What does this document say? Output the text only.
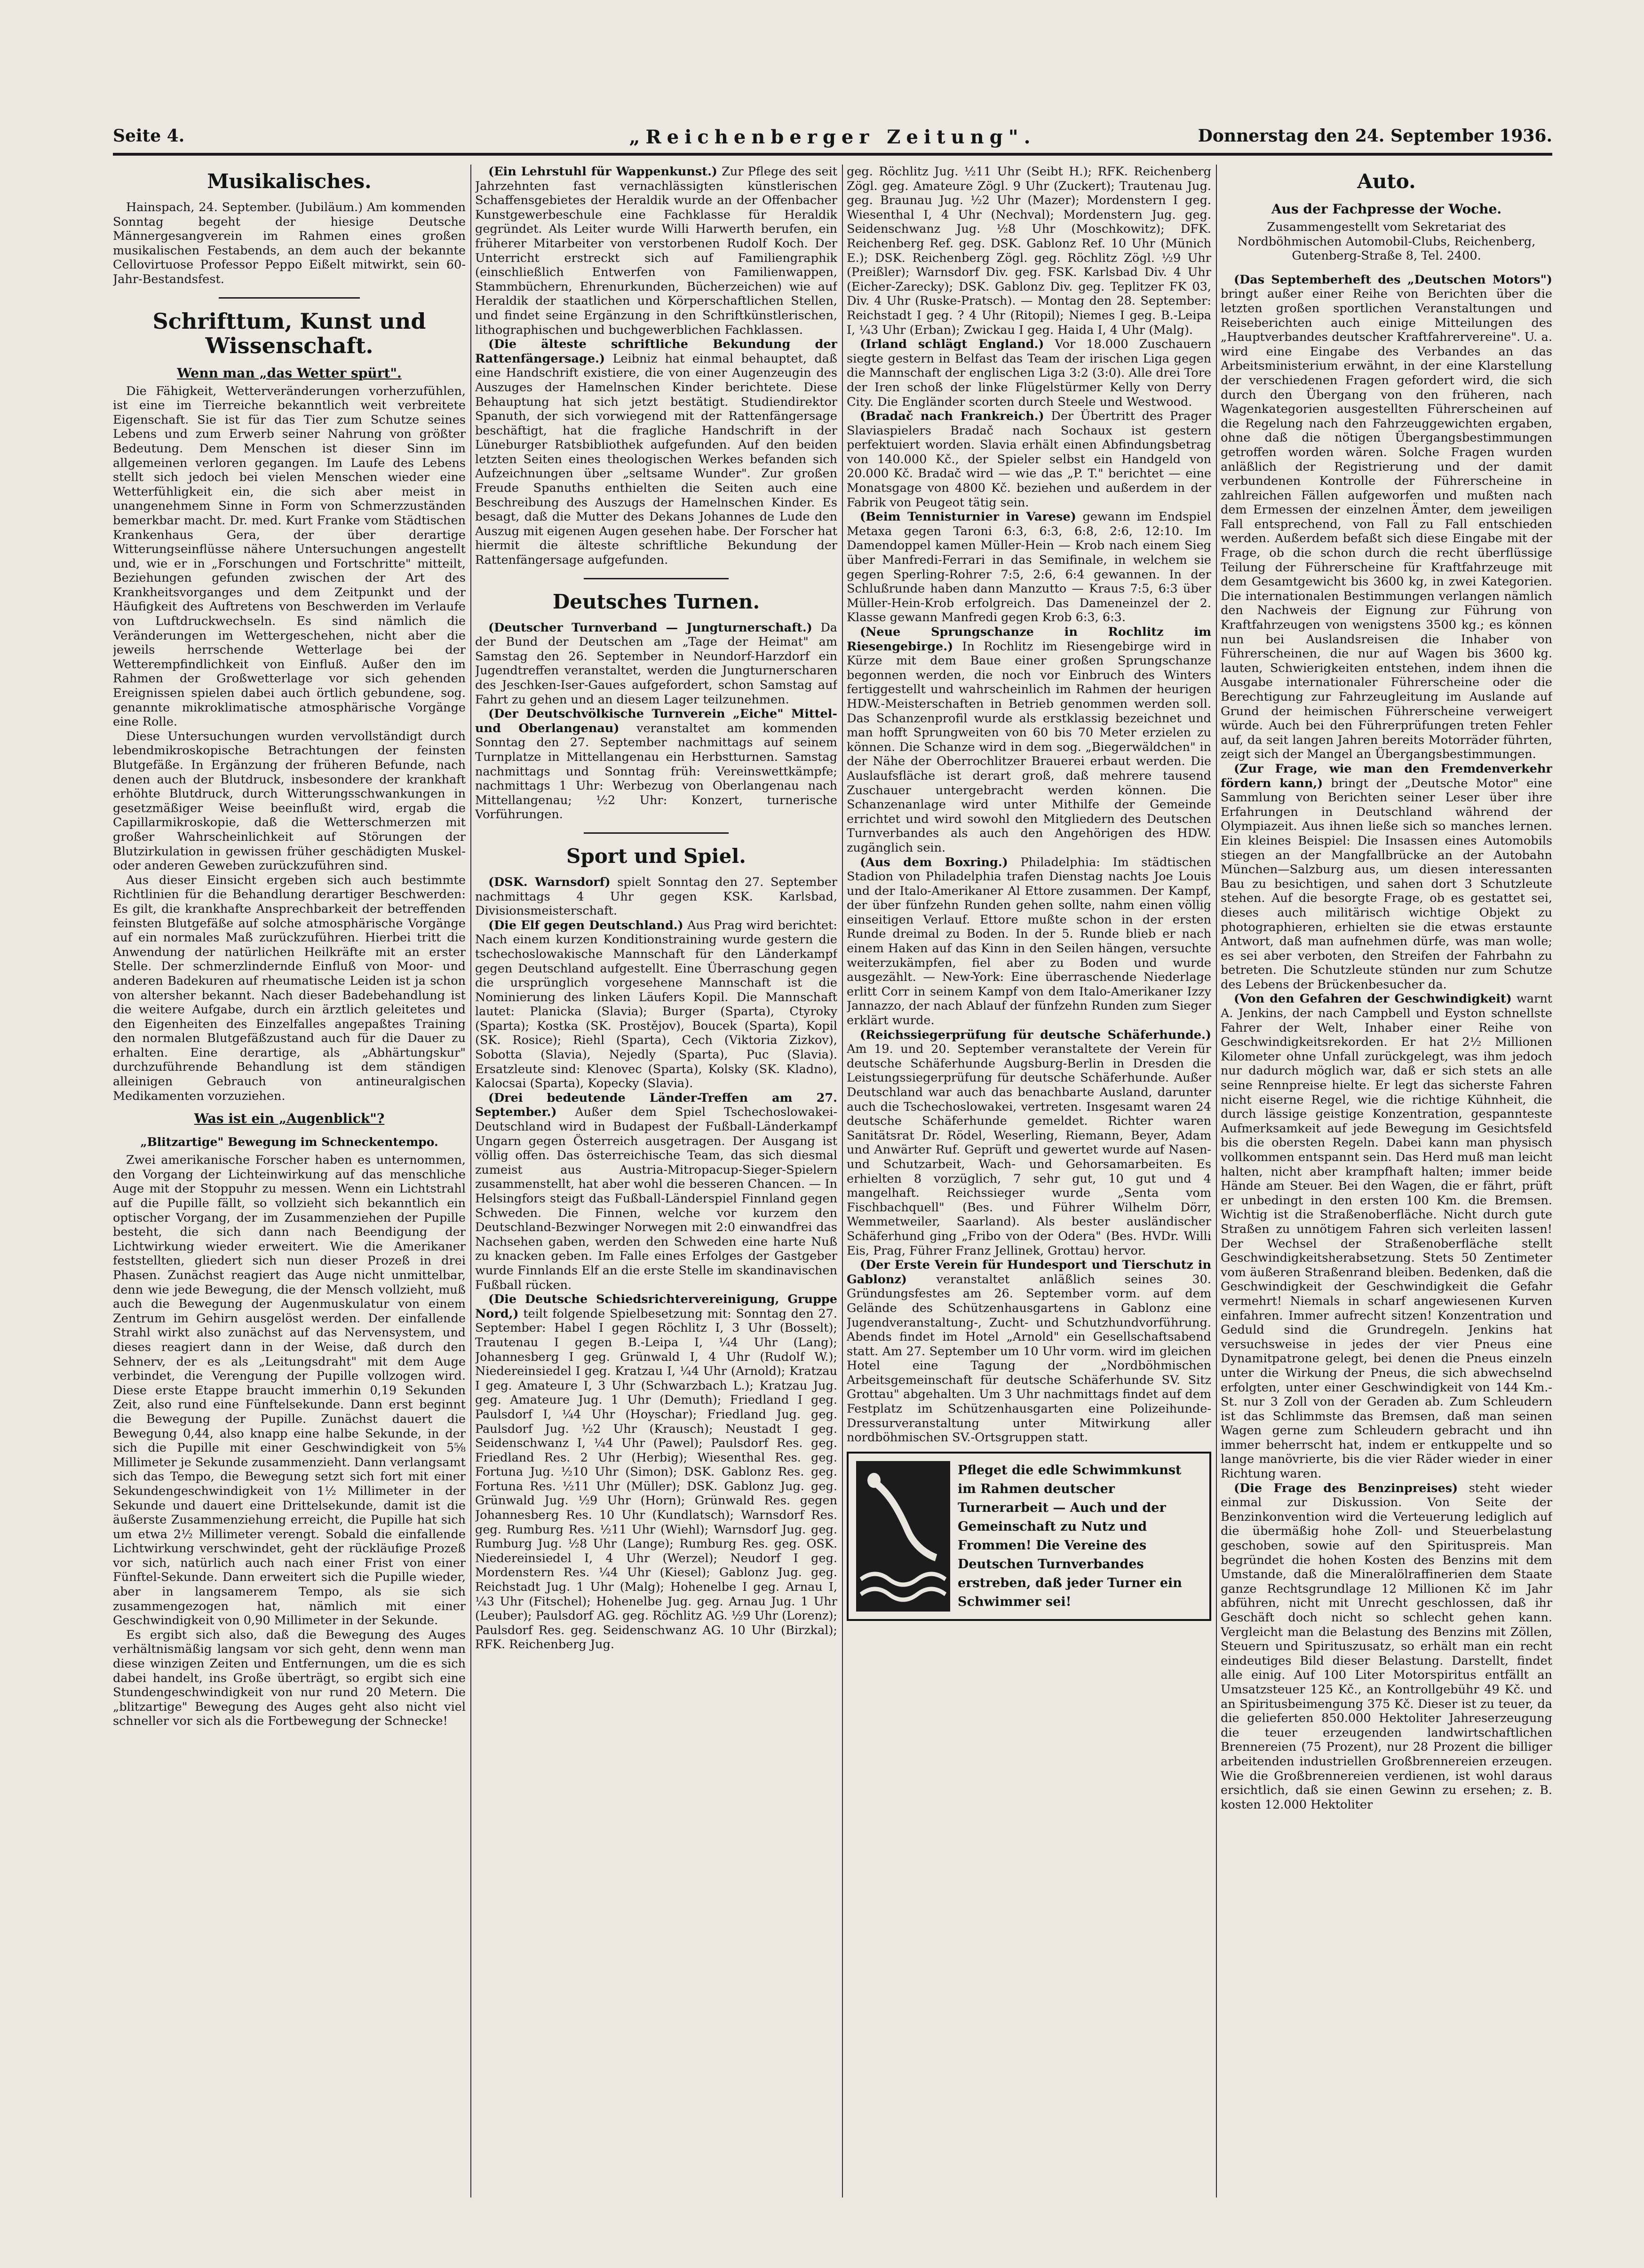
Seite 4.	„Reichenberger Zeitung".	Donnerstag den 24. September 1936.
Musikalisches.

Hainspach, 24. September. (Jubiläum.) Am kommenden Sonntag begeht der hiesige Deutsche Männergesangverein im Rahmen eines großen musikalischen Festabends, an dem auch der bekannte Cellovirtuose Professor Peppo Eißelt mitwirkt, sein 60-Jahr-Bestandsfest.

Schrifttum, Kunst und Wissenschaft.
Wenn man „das Wetter spürt".

Die Fähigkeit, Wetterveränderungen vorherzufühlen, ist eine im Tierreiche bekanntlich weit verbreitete Eigenschaft. Sie ist für das Tier zum Schutze seines Lebens und zum Erwerb seiner Nahrung von größter Bedeutung. Dem Menschen ist dieser Sinn im allgemeinen verloren gegangen. Im Laufe des Lebens stellt sich jedoch bei vielen Menschen wieder eine Wetterfühligkeit ein, die sich aber meist in unangenehmem Sinne in Form von Schmerzzuständen bemerkbar macht. Dr. med. Kurt Franke vom Städtischen Krankenhaus Gera, der über derartige Witterungseinflüsse nähere Untersuchungen angestellt und, wie er in „Forschungen und Fortschritte" mitteilt, Beziehungen gefunden zwischen der Art des Krankheitsvorganges und dem Zeitpunkt und der Häufigkeit des Auftretens von Beschwerden im Verlaufe von Luftdruckwechseln. Es sind nämlich die Veränderungen im Wettergeschehen, nicht aber die jeweils herrschende Wetterlage bei der Wetterempfindlichkeit von Einfluß. Außer den im Rahmen der Großwetterlage vor sich gehenden Ereignissen spielen dabei auch örtlich gebundene, sog. genannte mikroklimatische atmosphärische Vorgänge eine Rolle.

Diese Untersuchungen wurden vervollständigt durch lebendmikroskopische Betrachtungen der feinsten Blutgefäße. In Ergänzung der früheren Befunde, nach denen auch der Blutdruck, insbesondere der krankhaft erhöhte Blutdruck, durch Witterungsschwankungen in gesetzmäßiger Weise beeinflußt wird, ergab die Capillarmikroskopie, daß die Wetterschmerzen mit großer Wahrscheinlichkeit auf Störungen der Blutzirkulation in gewissen früher geschädigten Muskel- oder anderen Geweben zurückzuführen sind.

Aus dieser Einsicht ergeben sich auch bestimmte Richtlinien für die Behandlung derartiger Beschwerden: Es gilt, die krankhafte Ansprechbarkeit der betreffenden feinsten Blutgefäße auf solche atmosphärische Vorgänge auf ein normales Maß zurückzuführen. Hierbei tritt die Anwendung der natürlichen Heilkräfte mit an erster Stelle. Der schmerzlindernde Einfluß von Moor- und anderen Badekuren auf rheumatische Leiden ist ja schon von altersher bekannt. Nach dieser Badebehandlung ist die weitere Aufgabe, durch ein ärztlich geleitetes und den Eigenheiten des Einzelfalles angepaßtes Training den normalen Blutgefäßzustand auch für die Dauer zu erhalten. Eine derartige, als „Abhärtungskur" durchzuführende Behandlung ist dem ständigen alleinigen Gebrauch von antineuralgischen Medikamenten vorzuziehen.

Was ist ein „Augenblick"?
„Blitzartige" Bewegung im Schneckentempo.

Zwei amerikanische Forscher haben es unternommen, den Vorgang der Lichteinwirkung auf das menschliche Auge mit der Stoppuhr zu messen. Wenn ein Lichtstrahl auf die Pupille fällt, so vollzieht sich bekanntlich ein optischer Vorgang, der im Zusammenziehen der Pupille besteht, die sich dann nach Beendigung der Lichtwirkung wieder erweitert. Wie die Amerikaner feststellten, gliedert sich nun dieser Prozeß in drei Phasen. Zunächst reagiert das Auge nicht unmittelbar, denn wie jede Bewegung, die der Mensch vollzieht, muß auch die Bewegung der Augenmuskulatur von einem Zentrum im Gehirn ausgelöst werden. Der einfallende Strahl wirkt also zunächst auf das Nervensystem, und dieses reagiert dann in der Weise, daß durch den Sehnerv, der es als „Leitungsdraht" mit dem Auge verbindet, die Verengung der Pupille vollzogen wird. Diese erste Etappe braucht immerhin 0,19 Sekunden Zeit, also rund eine Fünftelsekunde. Dann erst beginnt die Bewegung der Pupille. Zunächst dauert die Bewegung 0,44, also knapp eine halbe Sekunde, in der sich die Pupille mit einer Geschwindigkeit von 5⅝ Millimeter je Sekunde zusammenzieht. Dann verlangsamt sich das Tempo, die Bewegung setzt sich fort mit einer Sekundengeschwindigkeit von 1½ Millimeter in der Sekunde und dauert eine Drittelsekunde, damit ist die äußerste Zusammenziehung erreicht, die Pupille hat sich um etwa 2½ Millimeter verengt. Sobald die einfallende Lichtwirkung verschwindet, geht der rückläufige Prozeß vor sich, natürlich auch nach einer Frist von einer Fünftel-Sekunde. Dann erweitert sich die Pupille wieder, aber in langsamerem Tempo, als sie sich zusammengezogen hat, nämlich mit einer Geschwindigkeit von 0,90 Millimeter in der Sekunde.

Es ergibt sich also, daß die Bewegung des Auges verhältnismäßig langsam vor sich geht, denn wenn man diese winzigen Zeiten und Entfernungen, um die es sich dabei handelt, ins Große überträgt, so ergibt sich eine Stundengeschwindigkeit von nur rund 20 Metern. Die „blitzartige" Bewegung des Auges geht also nicht viel schneller vor sich als die Fortbewegung der Schnecke!

(Ein Lehrstuhl für Wappenkunst.) Zur Pflege des seit Jahrzehnten fast vernachlässigten künstlerischen Schaffensgebietes der Heraldik wurde an der Offenbacher Kunstgewerbeschule eine Fachklasse für Heraldik gegründet. Als Leiter wurde Willi Harwerth berufen, ein früherer Mitarbeiter von verstorbenen Rudolf Koch. Der Unterricht erstreckt sich auf Familiengraphik (einschließlich Entwerfen von Familienwappen, Stammbüchern, Ehrenurkunden, Bücherzeichen) wie auf Heraldik der staatlichen und Körperschaftlichen Stellen, und findet seine Ergänzung in den Schriftkünstlerischen, lithographischen und buchgewerblichen Fachklassen.

(Die älteste schriftliche Bekundung der Rattenfängersage.) Leibniz hat einmal behauptet, daß eine Handschrift existiere, die von einer Augenzeugin des Auszuges der Hamelnschen Kinder berichtete. Diese Behauptung hat sich jetzt bestätigt. Studiendirektor Spanuth, der sich vorwiegend mit der Rattenfängersage beschäftigt, hat die fragliche Handschrift in der Lüneburger Ratsbibliothek aufgefunden. Auf den beiden letzten Seiten eines theologischen Werkes befanden sich Aufzeichnungen über „seltsame Wunder". Zur großen Freude Spanuths enthielten die Seiten auch eine Beschreibung des Auszugs der Hamelnschen Kinder. Es besagt, daß die Mutter des Dekans Johannes de Lude den Auszug mit eigenen Augen gesehen habe. Der Forscher hat hiermit die älteste schriftliche Bekundung der Rattenfängersage aufgefunden.

Deutsches Turnen.

(Deutscher Turnverband — Jungturnerschaft.) Da der Bund der Deutschen am „Tage der Heimat" am Samstag den 26. September in Neundorf-Harzdorf ein Jugendtreffen veranstaltet, werden die Jungturnerscharen des Jeschken-Iser-Gaues aufgefordert, schon Samstag auf Fahrt zu gehen und an diesem Lager teilzunehmen.

(Der Deutschvölkische Turnverein „Eiche" Mittel- und Oberlangenau) veranstaltet am kommenden Sonntag den 27. September nachmittags auf seinem Turnplatze in Mittellangenau ein Herbstturnen. Samstag nachmittags und Sonntag früh: Vereinswettkämpfe; nachmittags 1 Uhr: Werbezug von Oberlangenau nach Mittellangenau; ½2 Uhr: Konzert, turnerische Vorführungen.

Sport und Spiel.

(DSK. Warnsdorf) spielt Sonntag den 27. September nachmittags 4 Uhr gegen KSK. Karlsbad, Divisionsmeisterschaft.

(Die Elf gegen Deutschland.) Aus Prag wird berichtet: Nach einem kurzen Konditionstraining wurde gestern die tschechoslowakische Mannschaft für den Länderkampf gegen Deutschland aufgestellt. Eine Überraschung gegen die ursprünglich vorgesehene Mannschaft ist die Nominierung des linken Läufers Kopil. Die Mannschaft lautet: Planicka (Slavia); Burger (Sparta), Ctyroky (Sparta); Kostka (SK. Prostějov), Boucek (Sparta), Kopil (SK. Rosice); Riehl (Sparta), Cech (Viktoria Zizkov), Sobotta (Slavia), Nejedly (Sparta), Puc (Slavia). Ersatzleute sind: Klenovec (Sparta), Kolsky (SK. Kladno), Kalocsai (Sparta), Kopecky (Slavia).

(Drei bedeutende Länder-Treffen am 27. September.) Außer dem Spiel Tschechoslowakei-Deutschland wird in Budapest der Fußball-Länderkampf Ungarn gegen Österreich ausgetragen. Der Ausgang ist völlig offen. Das österreichische Team, das sich diesmal zumeist aus Austria-Mitropacup-Sieger-Spielern zusammenstellt, hat aber wohl die besseren Chancen. — In Helsingfors steigt das Fußball-Länderspiel Finnland gegen Schweden. Die Finnen, welche vor kurzem den Deutschland-Bezwinger Norwegen mit 2:0 einwandfrei das Nachsehen gaben, werden den Schweden eine harte Nuß zu knacken geben. Im Falle eines Erfolges der Gastgeber wurde Finnlands Elf an die erste Stelle im skandinavischen Fußball rücken.

(Die Deutsche Schiedsrichtervereinigung, Gruppe Nord,) teilt folgende Spielbesetzung mit: Sonntag den 27. September: Habel I gegen Röchlitz I, 3 Uhr (Bosselt); Trautenau I gegen B.-Leipa I, ¼4 Uhr (Lang); Johannesberg I geg. Grünwald I, 4 Uhr (Rudolf W.); Niedereinsiedel I geg. Kratzau I, ¼4 Uhr (Arnold); Kratzau I geg. Amateure I, 3 Uhr (Schwarzbach L.); Kratzau Jug. geg. Amateure Jug. 1 Uhr (Demuth); Friedland I geg. Paulsdorf I, ¼4 Uhr (Hoyschar); Friedland Jug. geg. Paulsdorf Jug. ½2 Uhr (Krausch); Neustadt I geg. Seidenschwanz I, ¼4 Uhr (Pawel); Paulsdorf Res. geg. Friedland Res. 2 Uhr (Herbig); Wiesenthal Res. geg. Fortuna Jug. ½10 Uhr (Simon); DSK. Gablonz Res. geg. Fortuna Res. ½11 Uhr (Müller); DSK. Gablonz Jug. geg. Grünwald Jug. ½9 Uhr (Horn); Grünwald Res. gegen Johannesberg Res. 10 Uhr (Kundlatsch); Warnsdorf Res. geg. Rumburg Res. ½11 Uhr (Wiehl); Warnsdorf Jug. geg. Rumburg Jug. ½8 Uhr (Lange); Rumburg Res. geg. OSK. Niedereinsiedel I, 4 Uhr (Werzel); Neudorf I geg. Mordenstern Res. ¼4 Uhr (Kiesel); Gablonz Jug. geg. Reichstadt Jug. 1 Uhr (Malg); Hohenelbe I geg. Arnau I, ¼3 Uhr (Fitschel); Hohenelbe Jug. geg. Arnau Jug. 1 Uhr (Leuber); Paulsdorf AG. geg. Röchlitz AG. ½9 Uhr (Lorenz); Paulsdorf Res. geg. Seidenschwanz AG. 10 Uhr (Birzkal); RFK. Reichenberg Jug.

geg. Röchlitz Jug. ½11 Uhr (Seibt H.); RFK. Reichenberg Zögl. geg. Amateure Zögl. 9 Uhr (Zuckert); Trautenau Jug. geg. Braunau Jug. ½2 Uhr (Mazer); Mordenstern I geg. Wiesenthal I, 4 Uhr (Nechval); Mordenstern Jug. geg. Seidenschwanz Jug. ½8 Uhr (Moschkowitz); DFK. Reichenberg Ref. geg. DSK. Gablonz Ref. 10 Uhr (Münich E.); DSK. Reichenberg Zögl. geg. Röchlitz Zögl. ½9 Uhr (Preißler); Warnsdorf Div. geg. FSK. Karlsbad Div. 4 Uhr (Eicher-Zarecky); DSK. Gablonz Div. geg. Teplitzer FK 03, Div. 4 Uhr (Ruske-Pratsch). — Montag den 28. September: Reichstadt I geg. ? 4 Uhr (Ritopil); Niemes I geg. B.-Leipa I, ¼3 Uhr (Erban); Zwickau I geg. Haida I, 4 Uhr (Malg).

(Irland schlägt England.) Vor 18.000 Zuschauern siegte gestern in Belfast das Team der irischen Liga gegen die Mannschaft der englischen Liga 3:2 (3:0). Alle drei Tore der Iren schoß der linke Flügelstürmer Kelly von Derry City. Die Engländer scorten durch Steele und Westwood.

(Bradač nach Frankreich.) Der Übertritt des Prager Slaviaspielers Bradač nach Sochaux ist gestern perfektuiert worden. Slavia erhält einen Abfindungsbetrag von 140.000 Kč., der Spieler selbst ein Handgeld von 20.000 Kč. Bradač wird — wie das „P. T." berichtet — eine Monatsgage von 4800 Kč. beziehen und außerdem in der Fabrik von Peugeot tätig sein.

(Beim Tennisturnier in Varese) gewann im Endspiel Metaxa gegen Taroni 6:3, 6:3, 6:8, 2:6, 12:10. Im Damendoppel kamen Müller-Hein — Krob nach einem Sieg über Manfredi-Ferrari in das Semifinale, in welchem sie gegen Sperling-Rohrer 7:5, 2:6, 6:4 gewannen. In der Schlußrunde haben dann Manzutto — Kraus 7:5, 6:3 über Müller-Hein-Krob erfolgreich. Das Dameneinzel der 2. Klasse gewann Manfredi gegen Krob 6:3, 6:3.

(Neue Sprungschanze in Rochlitz im Riesengebirge.) In Rochlitz im Riesengebirge wird in Kürze mit dem Baue einer großen Sprungschanze begonnen werden, die noch vor Einbruch des Winters fertiggestellt und wahrscheinlich im Rahmen der heurigen HDW.-Meisterschaften in Betrieb genommen werden soll. Das Schanzenprofil wurde als erstklassig bezeichnet und man hofft Sprungweiten von 60 bis 70 Meter erzielen zu können. Die Schanze wird in dem sog. „Biegerwäldchen" in der Nähe der Oberrochlitzer Brauerei erbaut werden. Die Auslaufsfläche ist derart groß, daß mehrere tausend Zuschauer untergebracht werden können. Die Schanzenanlage wird unter Mithilfe der Gemeinde errichtet und wird sowohl den Mitgliedern des Deutschen Turnverbandes als auch den Angehörigen des HDW. zugänglich sein.

(Aus dem Boxring.) Philadelphia: Im städtischen Stadion von Philadelphia trafen Dienstag nachts Joe Louis und der Italo-Amerikaner Al Ettore zusammen. Der Kampf, der über fünfzehn Runden gehen sollte, nahm einen völlig einseitigen Verlauf. Ettore mußte schon in der ersten Runde dreimal zu Boden. In der 5. Runde blieb er nach einem Haken auf das Kinn in den Seilen hängen, versuchte weiterzukämpfen, fiel aber zu Boden und wurde ausgezählt. — New-York: Eine überraschende Niederlage erlitt Corr in seinem Kampf von dem Italo-Amerikaner Izzy Jannazzo, der nach Ablauf der fünfzehn Runden zum Sieger erklärt wurde.

(Reichssiegerprüfung für deutsche Schäferhunde.) Am 19. und 20. September veranstaltete der Verein für deutsche Schäferhunde Augsburg-Berlin in Dresden die Leistungssiegerprüfung für deutsche Schäferhunde. Außer Deutschland war auch das benachbarte Ausland, darunter auch die Tschechoslowakei, vertreten. Insgesamt waren 24 deutsche Schäferhunde gemeldet. Richter waren Sanitätsrat Dr. Rödel, Weserling, Riemann, Beyer, Adam und Anwärter Ruf. Geprüft und gewertet wurde auf Nasen- und Schutzarbeit, Wach- und Gehorsamarbeiten. Es erhielten 8 vorzüglich, 7 sehr gut, 10 gut und 4 mangelhaft. Reichssieger wurde „Senta vom Fischbachquell" (Bes. und Führer Wilhelm Dörr, Wemmetweiler, Saarland). Als bester ausländischer Schäferhund ging „Fribo von der Odera" (Bes. HVDr. Willi Eis, Prag, Führer Franz Jellinek, Grottau) hervor.

(Der Erste Verein für Hundesport und Tierschutz in Gablonz) veranstaltet anläßlich seines 30. Gründungsfestes am 26. September vorm. auf dem Gelände des Schützenhausgartens in Gablonz eine Jugendveranstaltung-, Zucht- und Schutzhundvorführung. Abends findet im Hotel „Arnold" ein Gesellschaftsabend statt. Am 27. September um 10 Uhr vorm. wird im gleichen Hotel eine Tagung der „Nordböhmischen Arbeitsgemeinschaft für deutsche Schäferhunde SV. Sitz Grottau" abgehalten. Um 3 Uhr nachmittags findet auf dem Festplatz im Schützenhausgarten eine Polizeihunde-Dressurveranstaltung unter Mitwirkung aller nordböhmischen SV.-Ortsgruppen statt.

Pfleget die edle Schwimmkunst im Rahmen deutscher Turnerarbeit — Auch und der Gemeinschaft zu Nutz und Frommen! Die Vereine des Deutschen Turnverbandes erstreben, daß jeder Turner ein Schwimmer sei!

Auto.
Aus der Fachpresse der Woche.

Zusammengestellt vom Sekretariat des Nordböhmischen Automobil-Clubs, Reichenberg, Gutenberg-Straße 8, Tel. 2400.

(Das Septemberheft des „Deutschen Motors") bringt außer einer Reihe von Berichten über die letzten großen sportlichen Veranstaltungen und Reiseberichten auch einige Mitteilungen des „Hauptverbandes deutscher Kraftfahrervereine". U. a. wird eine Eingabe des Verbandes an das Arbeitsministerium erwähnt, in der eine Klarstellung der verschiedenen Fragen gefordert wird, die sich durch den Übergang von den früheren, nach Wagenkategorien ausgestellten Führerscheinen auf die Regelung nach den Fahrzeuggewichten ergaben, ohne daß die nötigen Übergangsbestimmungen getroffen worden wären. Solche Fragen wurden anläßlich der Registrierung und der damit verbundenen Kontrolle der Führerscheine in zahlreichen Fällen aufgeworfen und mußten nach dem Ermessen der einzelnen Ämter, dem jeweiligen Fall entsprechend, von Fall zu Fall entschieden werden. Außerdem befaßt sich diese Eingabe mit der Frage, ob die schon durch die recht überflüssige Teilung der Führerscheine für Kraftfahrzeuge mit dem Gesamtgewicht bis 3600 kg, in zwei Kategorien. Die internationalen Bestimmungen verlangen nämlich den Nachweis der Eignung zur Führung von Kraftfahrzeugen von wenigstens 3500 kg.; es können nun bei Auslandsreisen die Inhaber von Führerscheinen, die nur auf Wagen bis 3600 kg. lauten, Schwierigkeiten entstehen, indem ihnen die Ausgabe internationaler Führerscheine oder die Berechtigung zur Fahrzeugleitung im Auslande auf Grund der heimischen Führerscheine verweigert würde. Auch bei den Führerprüfungen treten Fehler auf, da seit langen Jahren bereits Motorräder führten, zeigt sich der Mangel an Übergangsbestimmungen.

(Zur Frage, wie man den Fremdenverkehr fördern kann,) bringt der „Deutsche Motor" eine Sammlung von Berichten seiner Leser über ihre Erfahrungen in Deutschland während der Olympiazeit. Aus ihnen ließe sich so manches lernen. Ein kleines Beispiel: Die Insassen eines Automobils stiegen an der Mangfallbrücke an der Autobahn München—Salzburg aus, um diesen interessanten Bau zu besichtigen, und sahen dort 3 Schutzleute stehen. Auf die besorgte Frage, ob es gestattet sei, dieses auch militärisch wichtige Objekt zu photographieren, erhielten sie die etwas erstaunte Antwort, daß man aufnehmen dürfe, was man wolle; es sei aber verboten, den Streifen der Fahrbahn zu betreten. Die Schutzleute stünden nur zum Schutze des Lebens der Brückenbesucher da.

(Von den Gefahren der Geschwindigkeit) warnt A. Jenkins, der nach Campbell und Eyston schnellste Fahrer der Welt, Inhaber einer Reihe von Geschwindigkeitsrekorden. Er hat 2½ Millionen Kilometer ohne Unfall zurückgelegt, was ihm jedoch nur dadurch möglich war, daß er sich stets an alle seine Rennpreise hielte. Er legt das sicherste Fahren nicht eiserne Regel, wie die richtige Kühnheit, die durch lässige geistige Konzentration, gespannteste Aufmerksamkeit auf jede Bewegung im Gesichtsfeld bis die obersten Regeln. Dabei kann man physisch vollkommen entspannt sein. Das Herd muß man leicht halten, nicht aber krampfhaft halten; immer beide Hände am Steuer. Bei den Wagen, die er fährt, prüft er unbedingt in den ersten 100 Km. die Bremsen. Wichtig ist die Straßenoberfläche. Nicht durch gute Straßen zu unnötigem Fahren sich verleiten lassen! Der Wechsel der Straßenoberfläche stellt Geschwindigkeitsherabsetzung. Stets 50 Zentimeter vom äußeren Straßenrand bleiben. Bedenken, daß die Geschwindigkeit der Geschwindigkeit die Gefahr vermehrt! Niemals in scharf angewiesenen Kurven einfahren. Immer aufrecht sitzen! Konzentration und Geduld sind die Grundregeln. Jenkins hat versuchsweise in jedes der vier Pneus eine Dynamitpatrone gelegt, bei denen die Pneus einzeln unter die Wirkung der Pneus, die sich abwechselnd erfolgten, unter einer Geschwindigkeit von 144 Km.-St. nur 3 Zoll von der Geraden ab. Zum Schleudern ist das Schlimmste das Bremsen, daß man seinen Wagen gerne zum Schleudern gebracht und ihn immer beherrscht hat, indem er entkuppelte und so lange manövrierte, bis die vier Räder wieder in einer Richtung waren.

(Die Frage des Benzinpreises) steht wieder einmal zur Diskussion. Von Seite der Benzinkonvention wird die Verteuerung lediglich auf die übermäßig hohe Zoll- und Steuerbelastung geschoben, sowie auf den Spirituspreis. Man begründet die hohen Kosten des Benzins mit dem Umstande, daß die Mineralölraffinerien dem Staate ganze Rechtsgrundlage 12 Millionen Kč im Jahr abführen, nicht mit Unrecht geschlossen, daß ihr Geschäft doch nicht so schlecht gehen kann. Vergleicht man die Belastung des Benzins mit Zöllen, Steuern und Spirituszusatz, so erhält man ein recht eindeutiges Bild dieser Belastung. Darstellt, findet alle einig. Auf 100 Liter Motorspiritus entfällt an Umsatzsteuer 125 Kč., an Kontrollgebühr 49 Kč. und an Spiritusbeimengung 375 Kč. Dieser ist zu teuer, da die gelieferten 850.000 Hektoliter Jahreserzeugung die teuer erzeugenden landwirtschaftlichen Brennereien (75 Prozent), nur 28 Prozent die billiger arbeitenden industriellen Großbrennereien erzeugen. Wie die Großbrennereien verdienen, ist wohl daraus ersichtlich, daß sie einen Gewinn zu ersehen; z. B. kosten 12.000 Hektoliter
